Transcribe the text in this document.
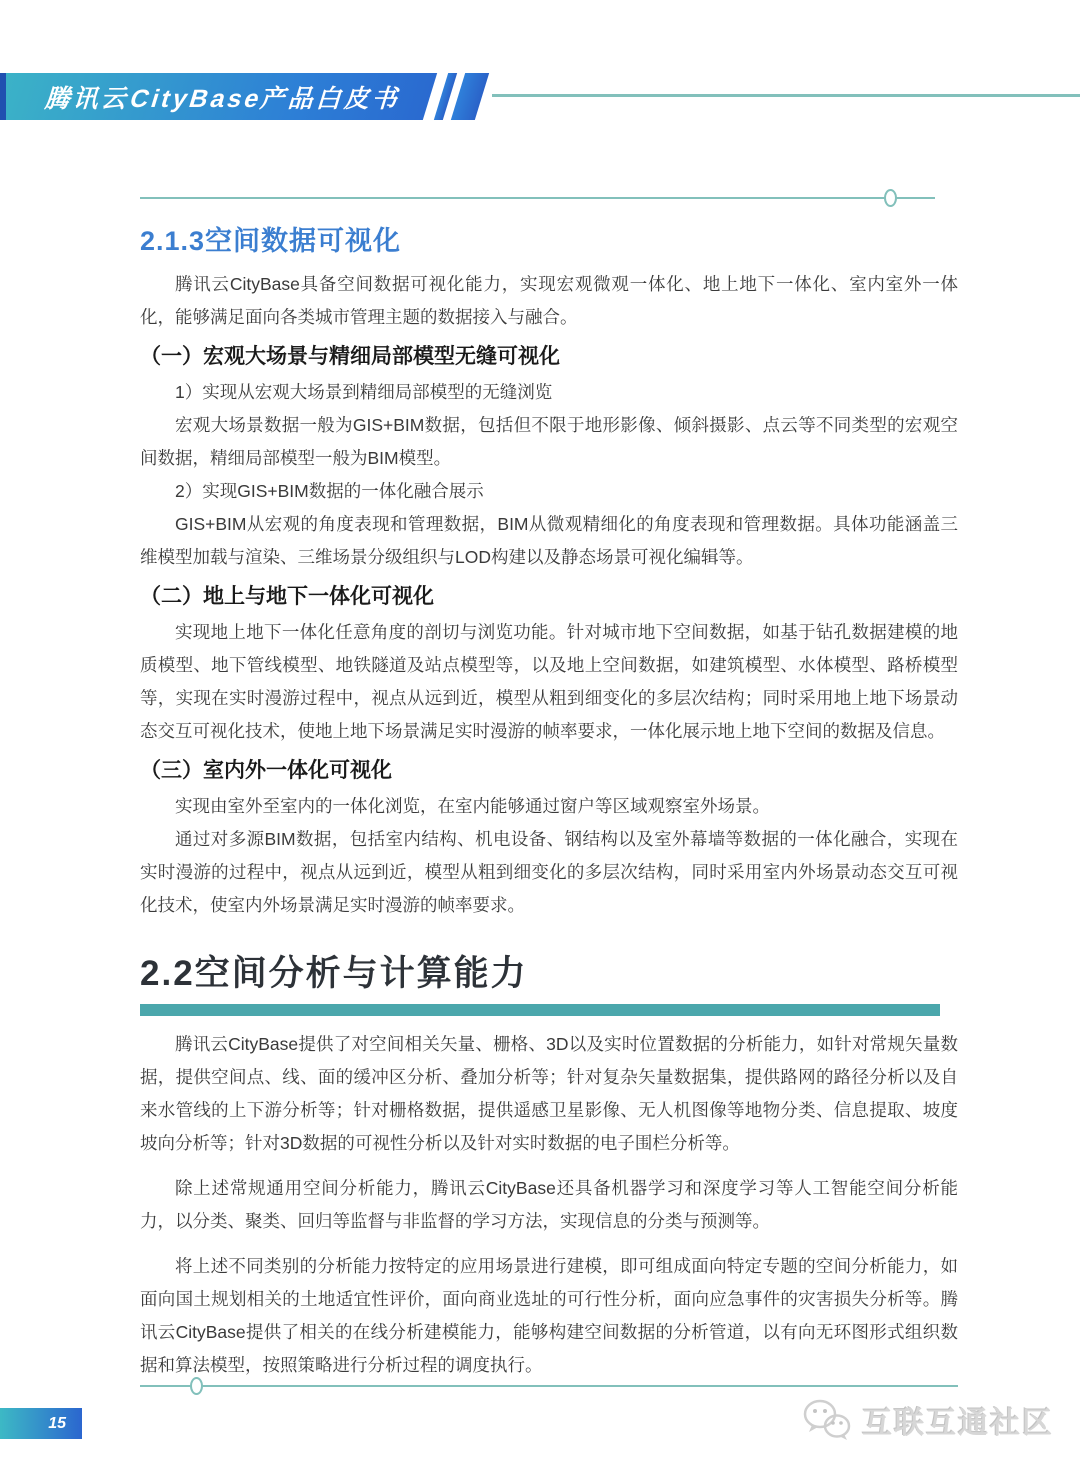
腾讯云CityBase产品白皮书
2.1.3空间数据可视化

腾讯云CityBase具备空间数据可视化能力，实现宏观微观一体化、地上地下一体化、室内室外一体化，能够满足面向各类城市管理主题的数据接入与融合。

（一）宏观大场景与精细局部模型无缝可视化

1）实现从宏观大场景到精细局部模型的无缝浏览

宏观大场景数据一般为GIS+BIM数据，包括但不限于地形影像、倾斜摄影、点云等不同类型的宏观空间数据，精细局部模型一般为BIM模型。

2）实现GIS+BIM数据的一体化融合展示

GIS+BIM从宏观的角度表现和管理数据，BIM从微观精细化的角度表现和管理数据。具体功能涵盖三维模型加载与渲染、三维场景分级组织与LOD构建以及静态场景可视化编辑等。

（二）地上与地下一体化可视化

实现地上地下一体化任意角度的剖切与浏览功能。针对城市地下空间数据，如基于钻孔数据建模的地质模型、地下管线模型、地铁隧道及站点模型等，以及地上空间数据，如建筑模型、水体模型、路桥模型等，实现在实时漫游过程中，视点从远到近，模型从粗到细变化的多层次结构；同时采用地上地下场景动态交互可视化技术，使地上地下场景满足实时漫游的帧率要求，一体化展示地上地下空间的数据及信息。

（三）室内外一体化可视化

实现由室外至室内的一体化浏览，在室内能够通过窗户等区域观察室外场景。

通过对多源BIM数据，包括室内结构、机电设备、钢结构以及室外幕墙等数据的一体化融合，实现在实时漫游的过程中，视点从远到近，模型从粗到细变化的多层次结构，同时采用室内外场景动态交互可视化技术，使室内外场景满足实时漫游的帧率要求。

2.2空间分析与计算能力

腾讯云CityBase提供了对空间相关矢量、栅格、3D以及实时位置数据的分析能力，如针对常规矢量数据，提供空间点、线、面的缓冲区分析、叠加分析等；针对复杂矢量数据集，提供路网的路径分析以及自来水管线的上下游分析等；针对栅格数据，提供遥感卫星影像、无人机图像等地物分类、信息提取、坡度坡向分析等；针对3D数据的可视性分析以及针对实时数据的电子围栏分析等。

除上述常规通用空间分析能力，腾讯云CityBase还具备机器学习和深度学习等人工智能空间分析能力，以分类、聚类、回归等监督与非监督的学习方法，实现信息的分类与预测等。

将上述不同类别的分析能力按特定的应用场景进行建模，即可组成面向特定专题的空间分析能力，如面向国土规划相关的土地适宜性评价，面向商业选址的可行性分析，面向应急事件的灾害损失分析等。腾讯云CityBase提供了相关的在线分析建模能力，能够构建空间数据的分析管道，以有向无环图形式组织数据和算法模型，按照策略进行分析过程的调度执行。

15	互联互通社区
